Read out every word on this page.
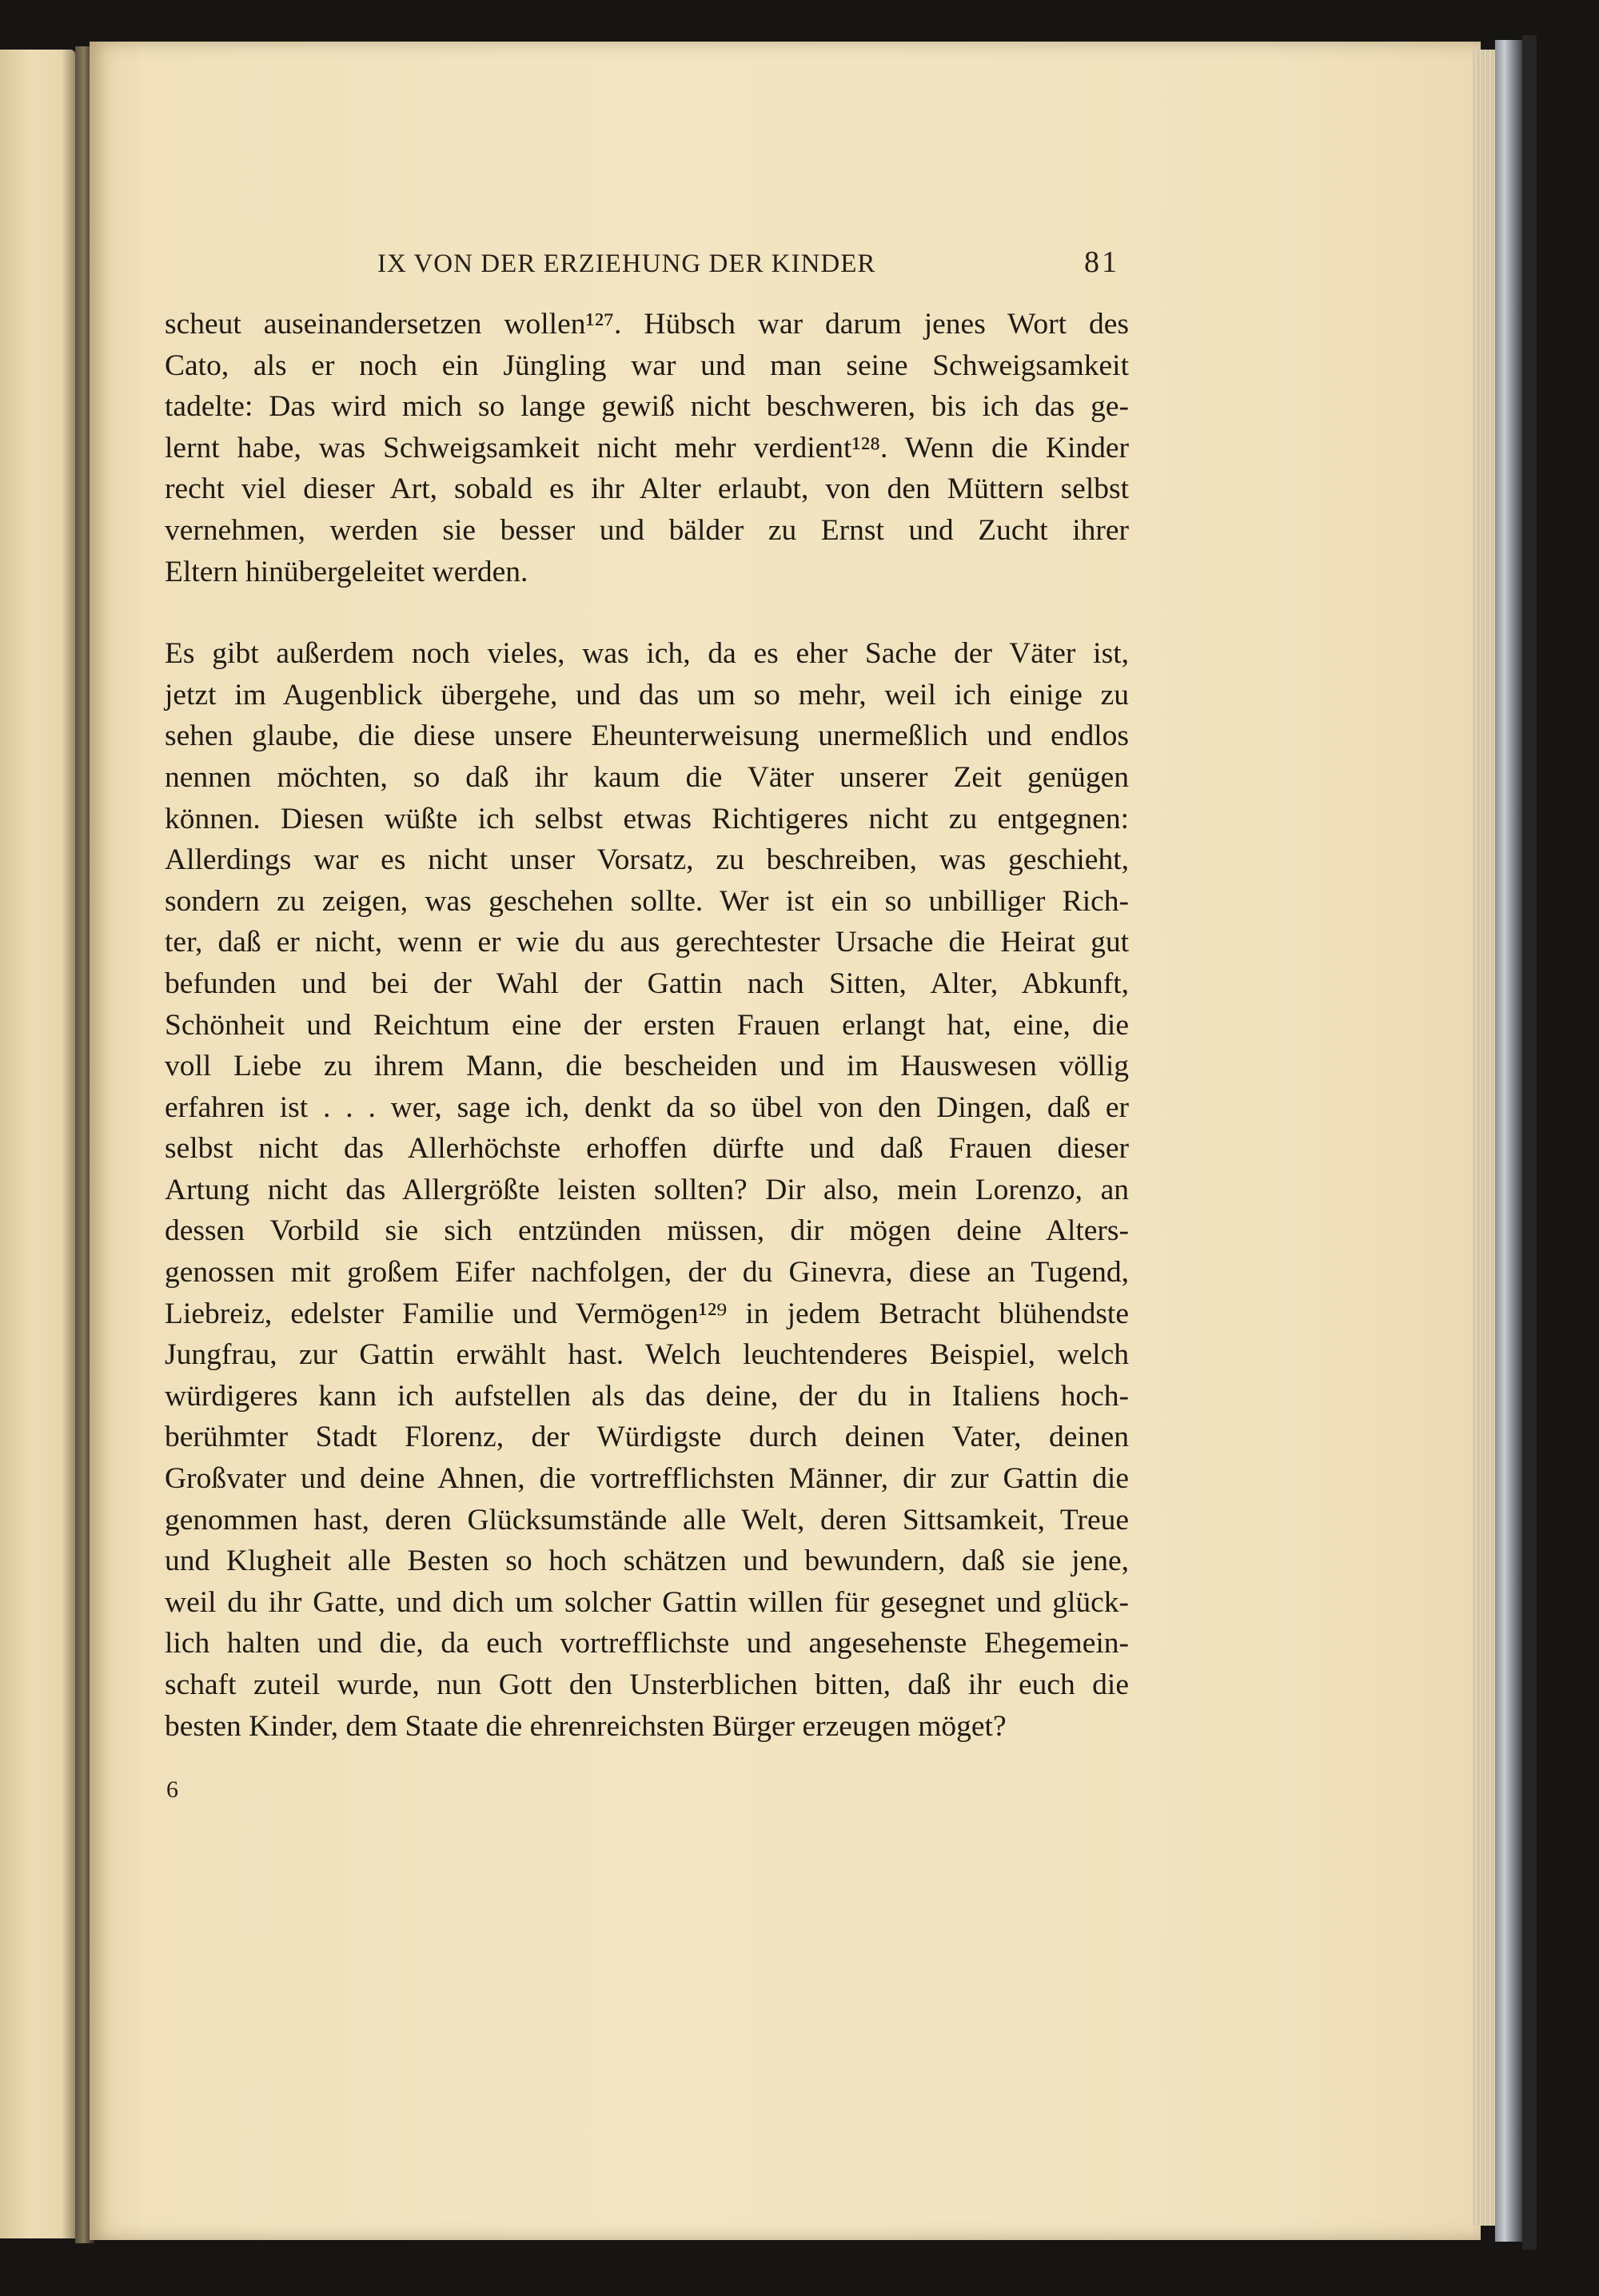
IX VON DER ERZIEHUNG DER KINDER	81

scheut auseinandersetzen wollen¹²⁷. Hübsch war darum jenes Wort des
Cato, als er noch ein Jüngling war und man seine Schweigsamkeit
tadelte: Das wird mich so lange gewiß nicht beschweren, bis ich das ge-
lernt habe, was Schweigsamkeit nicht mehr verdient¹²⁸. Wenn die Kinder
recht viel dieser Art, sobald es ihr Alter erlaubt, von den Müttern selbst
vernehmen, werden sie besser und bälder zu Ernst und Zucht ihrer
Eltern hinübergeleitet werden.

Es gibt außerdem noch vieles, was ich, da es eher Sache der Väter ist,
jetzt im Augenblick übergehe, und das um so mehr, weil ich einige zu
sehen glaube, die diese unsere Eheunterweisung unermeßlich und endlos
nennen möchten, so daß ihr kaum die Väter unserer Zeit genügen
können. Diesen wüßte ich selbst etwas Richtigeres nicht zu entgegnen:
Allerdings war es nicht unser Vorsatz, zu beschreiben, was geschieht,
sondern zu zeigen, was geschehen sollte. Wer ist ein so unbilliger Rich-
ter, daß er nicht, wenn er wie du aus gerechtester Ursache die Heirat gut
befunden und bei der Wahl der Gattin nach Sitten, Alter, Abkunft,
Schönheit und Reichtum eine der ersten Frauen erlangt hat, eine, die
voll Liebe zu ihrem Mann, die bescheiden und im Hauswesen völlig
erfahren ist . . . wer, sage ich, denkt da so übel von den Dingen, daß er
selbst nicht das Allerhöchste erhoffen dürfte und daß Frauen dieser
Artung nicht das Allergrößte leisten sollten? Dir also, mein Lorenzo, an
dessen Vorbild sie sich entzünden müssen, dir mögen deine Alters-
genossen mit großem Eifer nachfolgen, der du Ginevra, diese an Tugend,
Liebreiz, edelster Familie und Vermögen¹²⁹ in jedem Betracht blühendste
Jungfrau, zur Gattin erwählt hast. Welch leuchtenderes Beispiel, welch
würdigeres kann ich aufstellen als das deine, der du in Italiens hoch-
berühmter Stadt Florenz, der Würdigste durch deinen Vater, deinen
Großvater und deine Ahnen, die vortrefflichsten Männer, dir zur Gattin die
genommen hast, deren Glücksumstände alle Welt, deren Sittsamkeit, Treue
und Klugheit alle Besten so hoch schätzen und bewundern, daß sie jene,
weil du ihr Gatte, und dich um solcher Gattin willen für gesegnet und glück-
lich halten und die, da euch vortrefflichste und angesehenste Ehegemein-
schaft zuteil wurde, nun Gott den Unsterblichen bitten, daß ihr euch die
besten Kinder, dem Staate die ehrenreichsten Bürger erzeugen möget?

6
